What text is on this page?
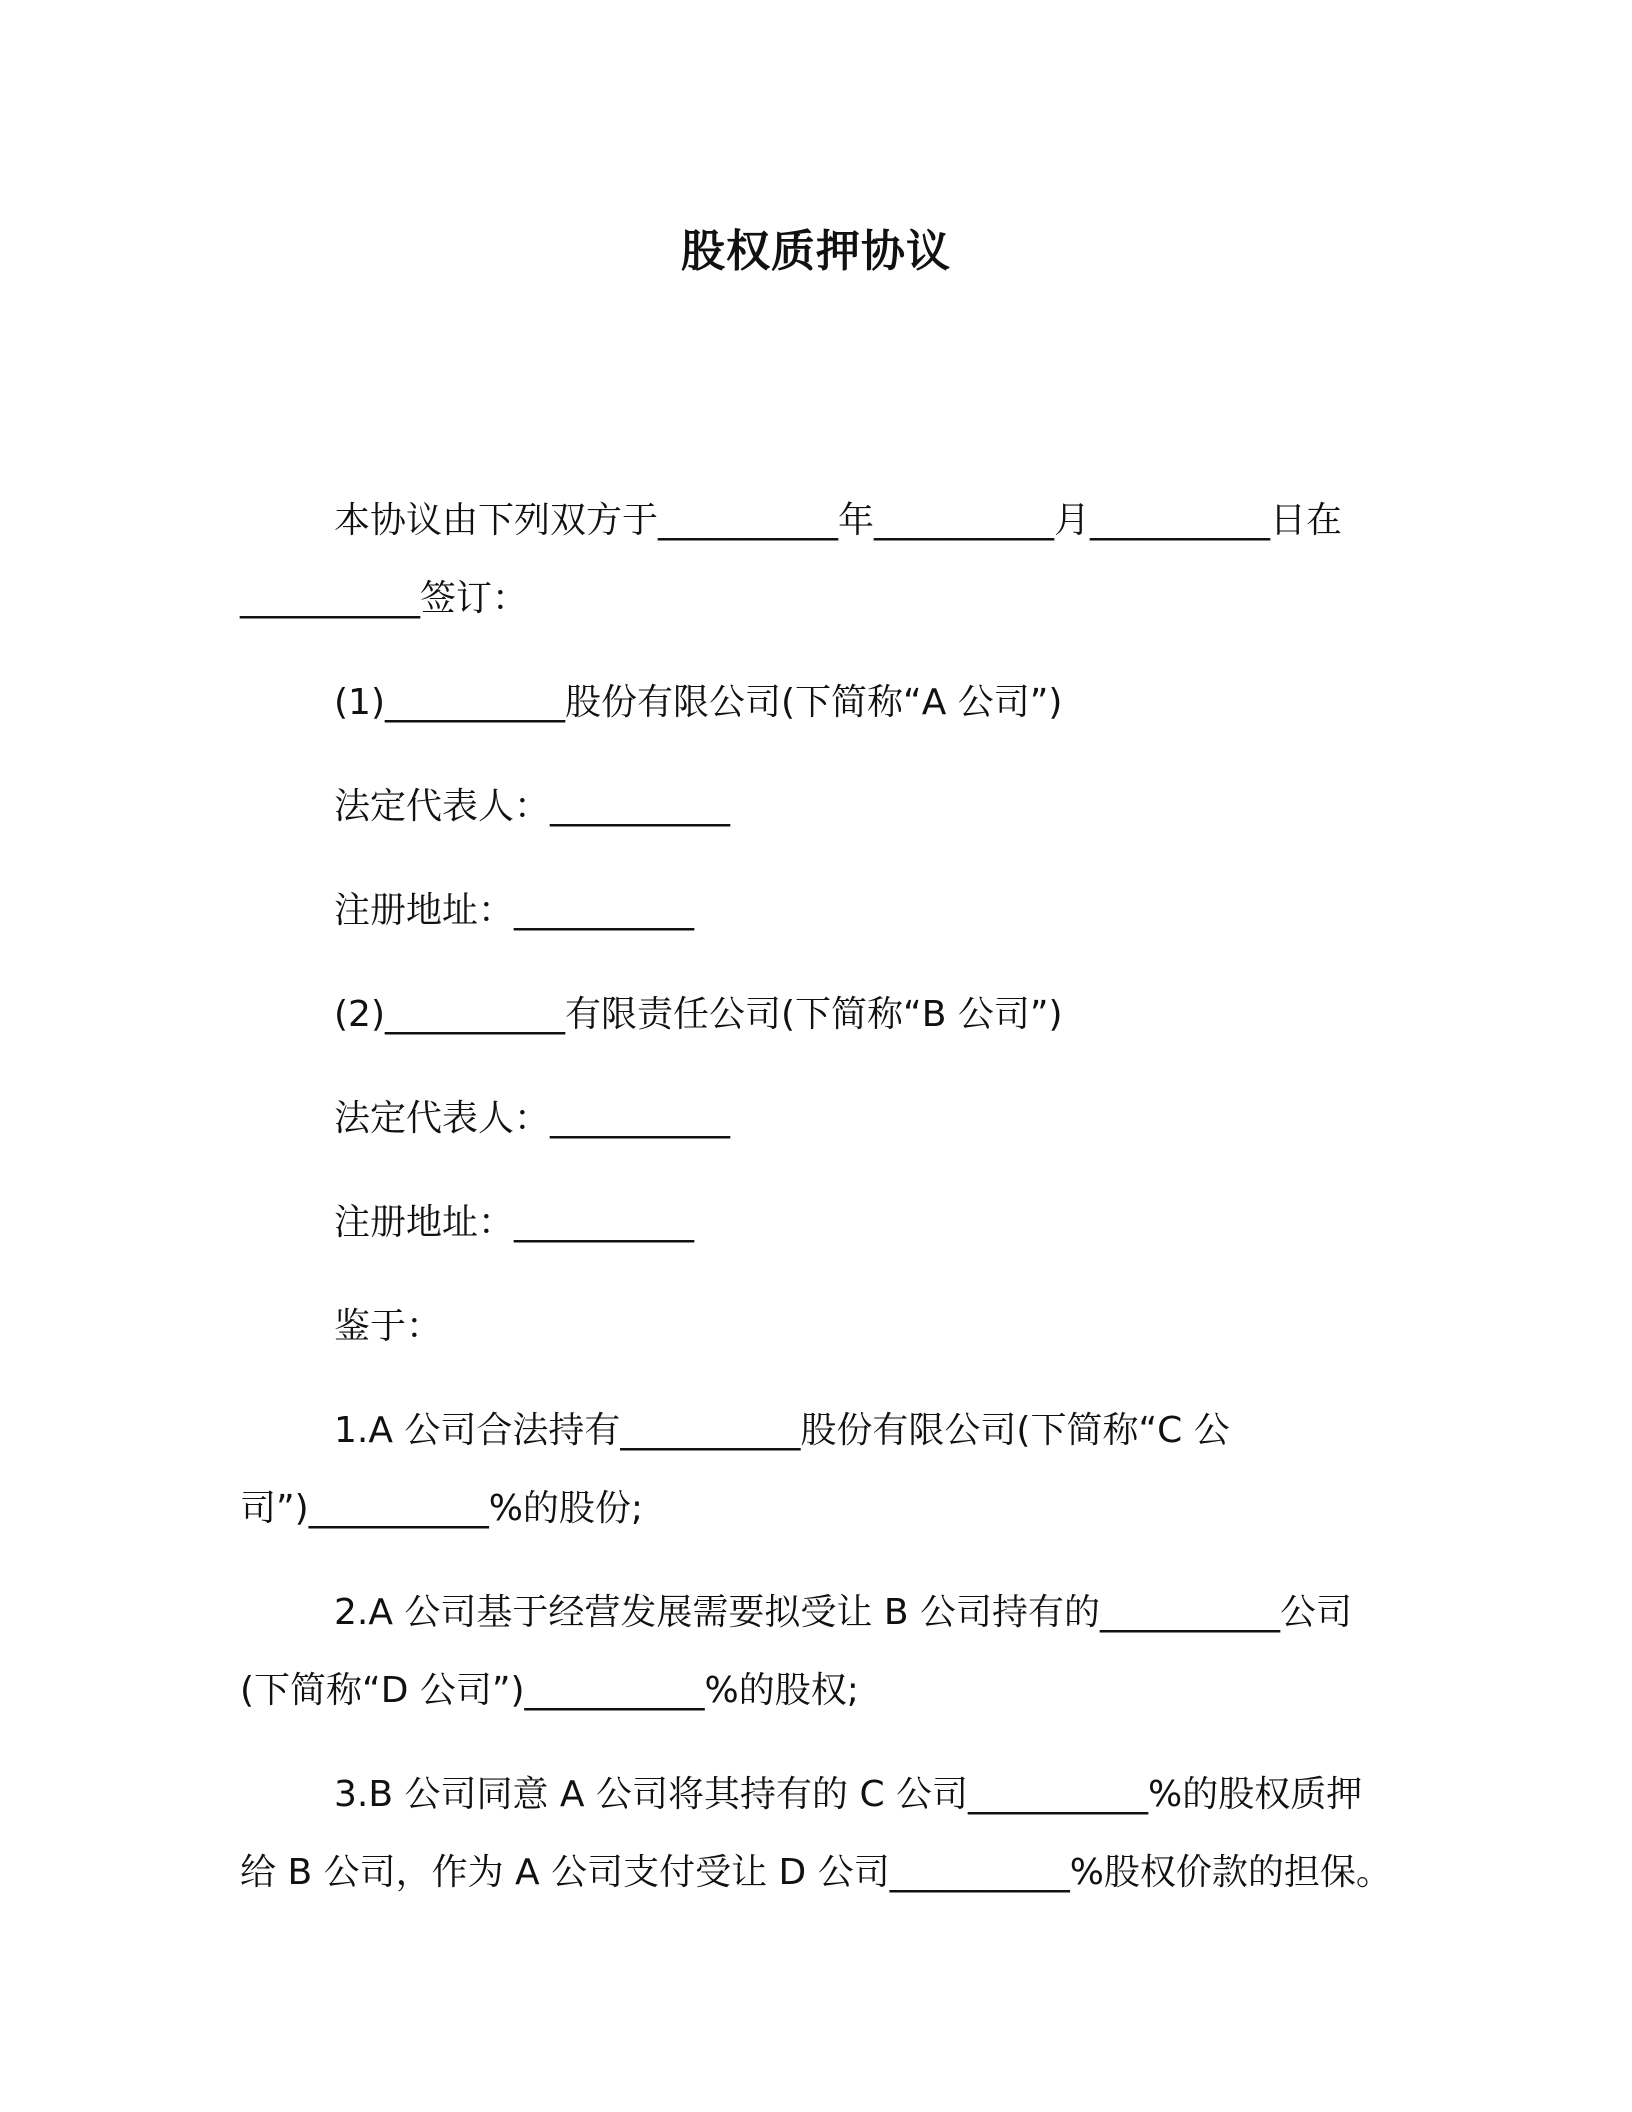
股权质押协议
本协议由下列双方于__________年__________月__________日在
__________签订：
(1)__________股份有限公司(下简称“A 公司”)
法定代表人：__________
注册地址：__________
(2)__________有限责任公司(下简称“B 公司”)
法定代表人：__________
注册地址：__________
鉴于：
1.A 公司合法持有__________股份有限公司(下简称“C 公
司”)__________%的股份;
2.A 公司基于经营发展需要拟受让 B 公司持有的__________公司
(下简称“D 公司”)__________%的股权;
3.B 公司同意 A 公司将其持有的 C 公司__________%的股权质押
给 B 公司，作为 A 公司支付受让 D 公司__________%股权价款的担保。
